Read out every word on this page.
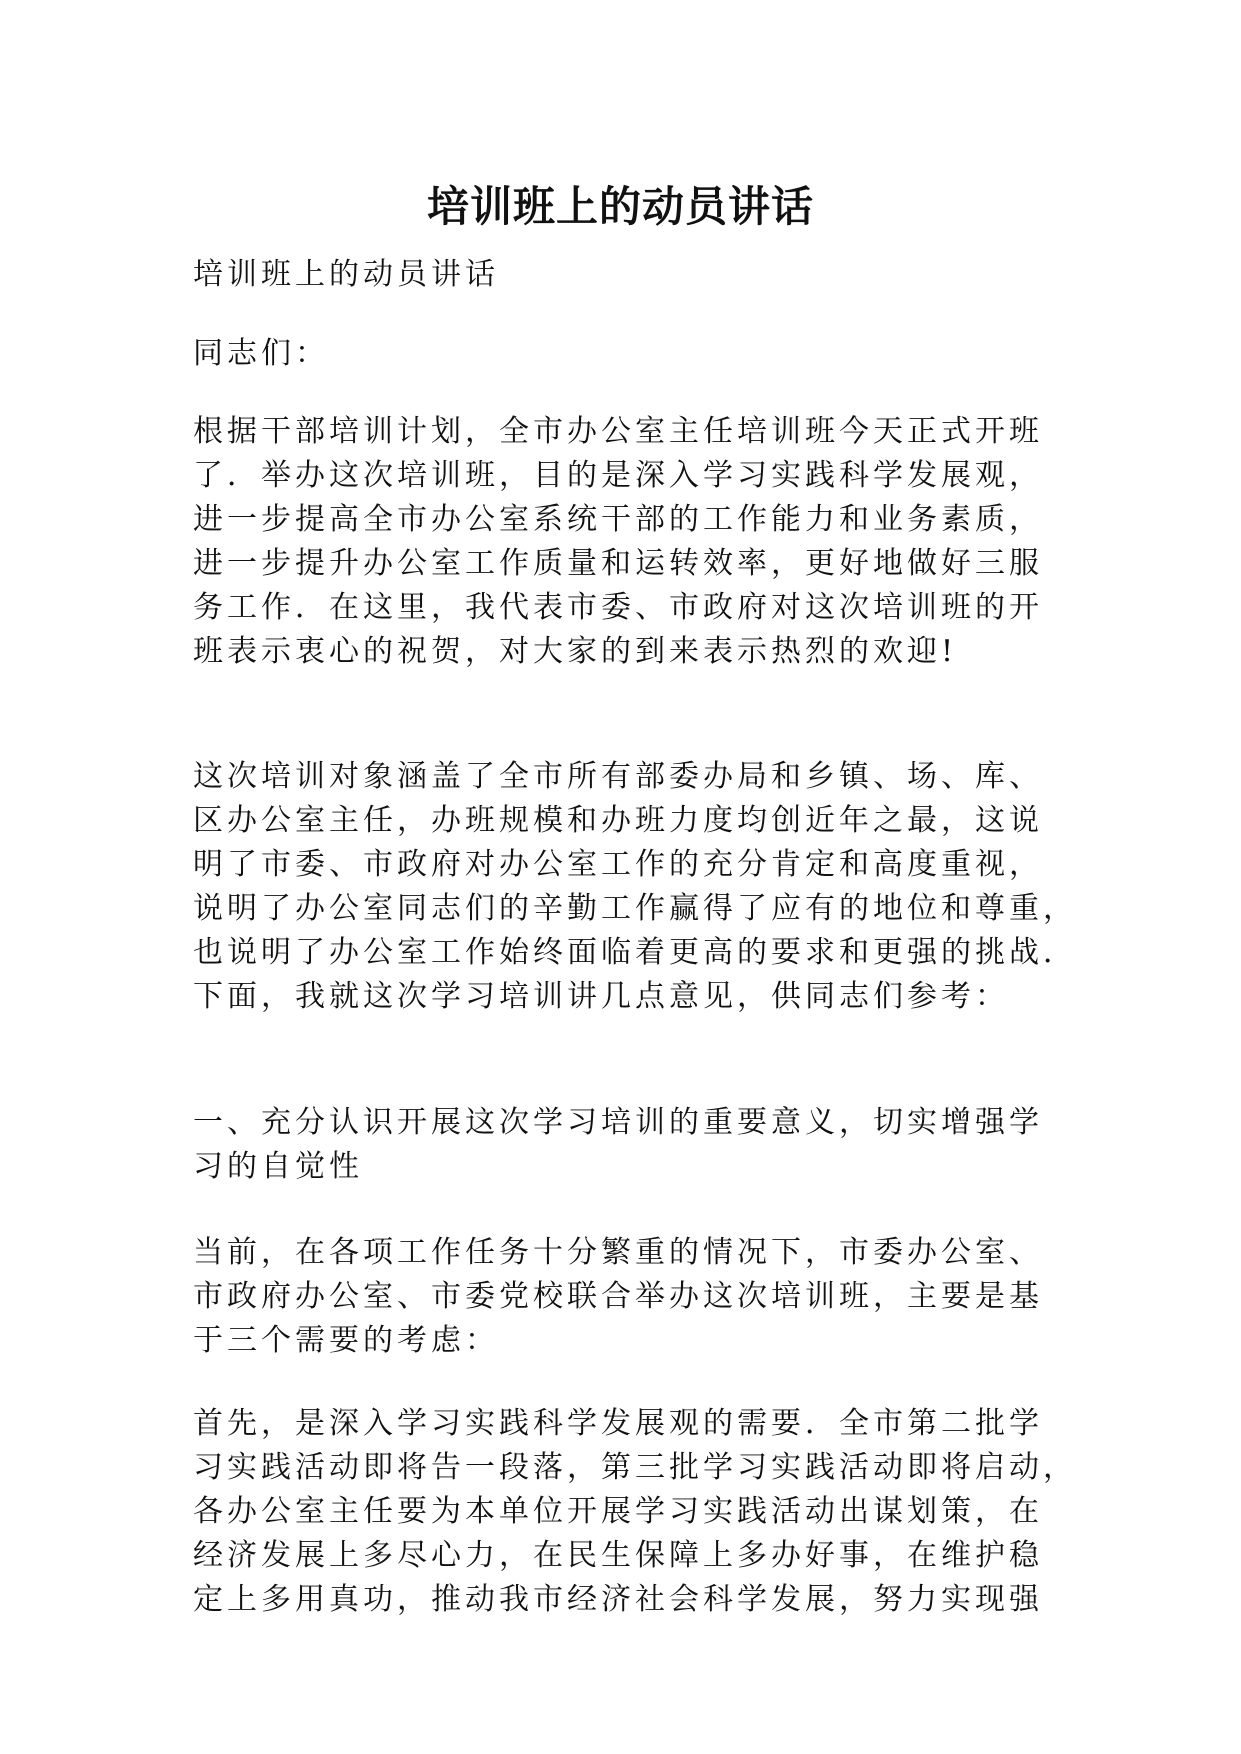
培训班上的动员讲话

培训班上的动员讲话

同志们：

根据干部培训计划，全市办公室主任培训班今天正式开班
了．举办这次培训班，目的是深入学习实践科学发展观，
进一步提高全市办公室系统干部的工作能力和业务素质，
进一步提升办公室工作质量和运转效率，更好地做好三服
务工作．在这里，我代表市委、市政府对这次培训班的开
班表示衷心的祝贺，对大家的到来表示热烈的欢迎!

这次培训对象涵盖了全市所有部委办局和乡镇、场、库、
区办公室主任，办班规模和办班力度均创近年之最，这说
明了市委、市政府对办公室工作的充分肯定和高度重视，
说明了办公室同志们的辛勤工作赢得了应有的地位和尊重，
也说明了办公室工作始终面临着更高的要求和更强的挑战．
下面，我就这次学习培训讲几点意见，供同志们参考：

一、充分认识开展这次学习培训的重要意义，切实增强学
习的自觉性

当前，在各项工作任务十分繁重的情况下，市委办公室、
市政府办公室、市委党校联合举办这次培训班，主要是基
于三个需要的考虑：

首先，是深入学习实践科学发展观的需要．全市第二批学
习实践活动即将告一段落，第三批学习实践活动即将启动，
各办公室主任要为本单位开展学习实践活动出谋划策，在
经济发展上多尽心力，在民生保障上多办好事，在维护稳
定上多用真功，推动我市经济社会科学发展，努力实现强
